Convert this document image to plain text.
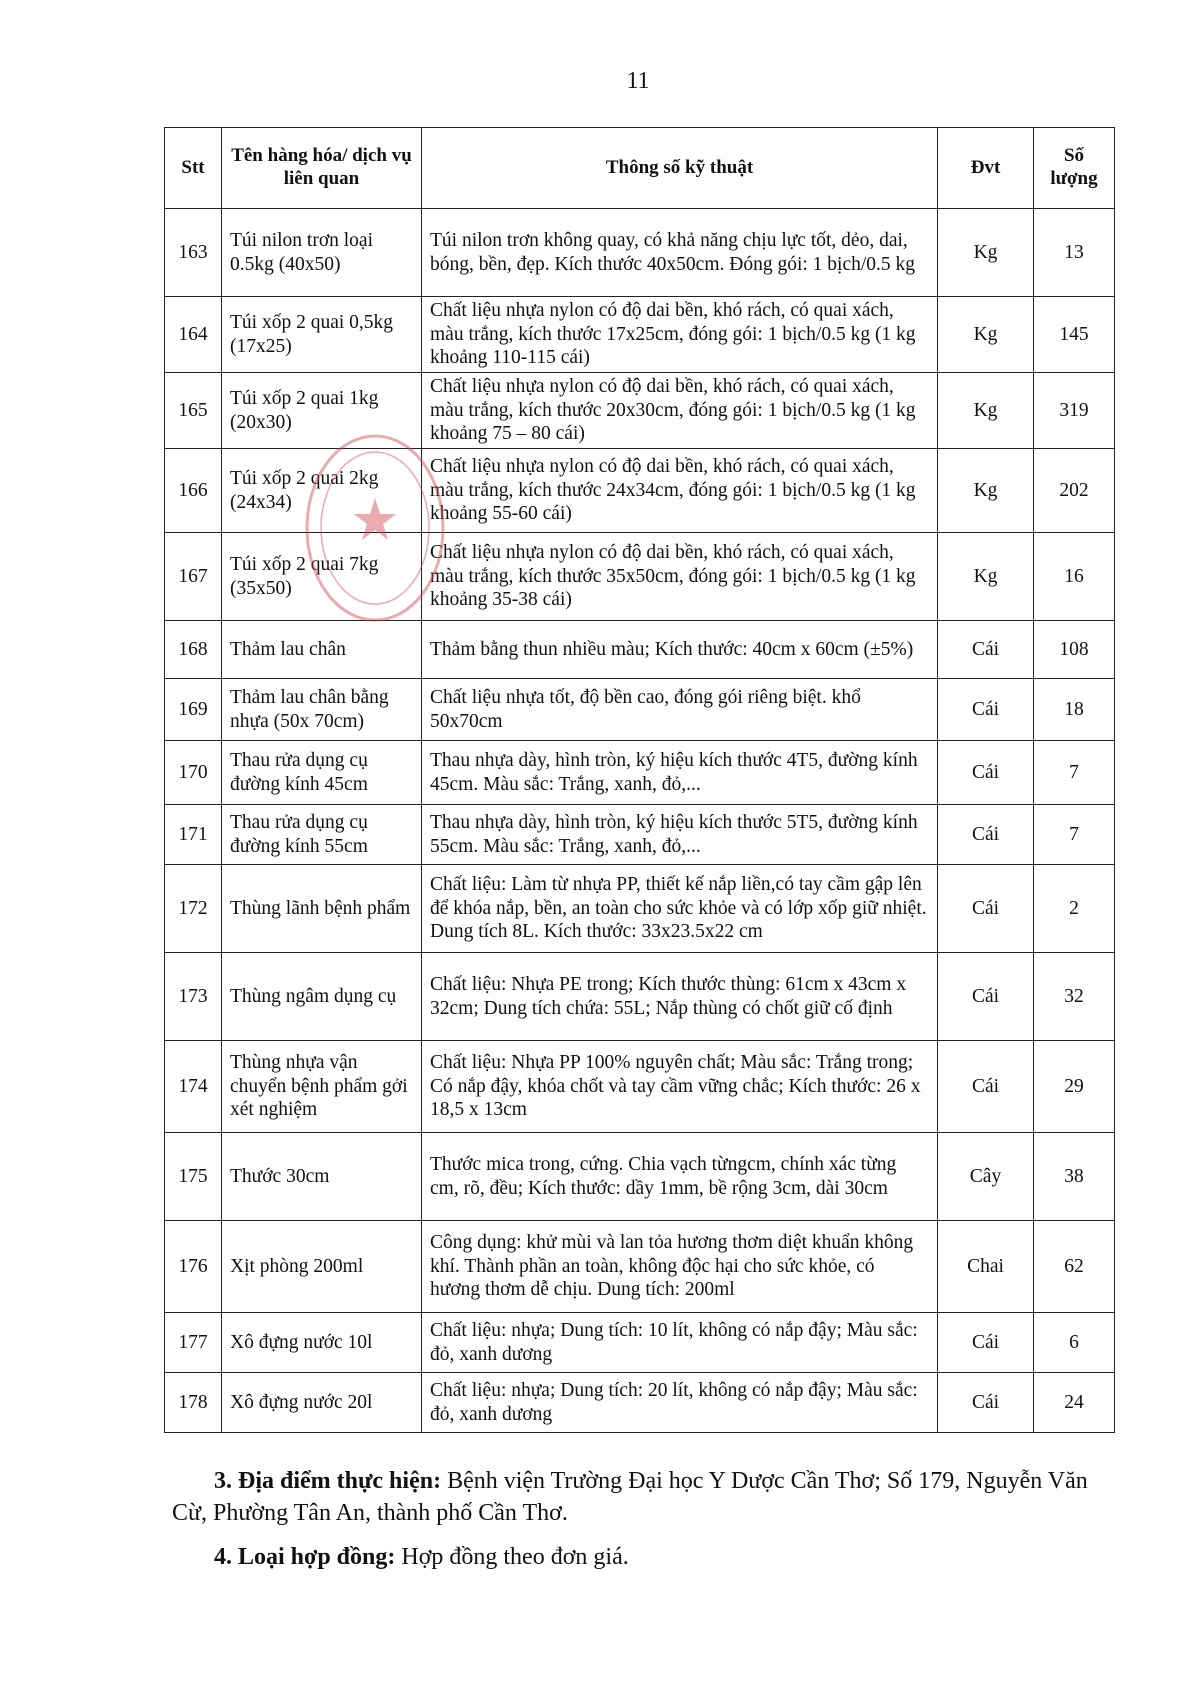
11
Stt	Tên hàng hóa/ dịch vụ liên quan	Thông số kỹ thuật	Đvt	Số lượng
163	Túi nilon trơn loại 0.5kg (40x50)	Túi nilon trơn không quay, có khả năng chịu lực tốt, dẻo, dai, bóng, bền, đẹp. Kích thước 40x50cm. Đóng gói: 1 bịch/0.5 kg	Kg	13
164	Túi xốp 2 quai 0,5kg (17x25)	Chất liệu nhựa nylon có độ dai bền, khó rách, có quai xách, màu trắng, kích thước 17x25cm, đóng gói: 1 bịch/0.5 kg (1 kg khoảng 110-115 cái)	Kg	145
165	Túi xốp 2 quai 1kg (20x30)	Chất liệu nhựa nylon có độ dai bền, khó rách, có quai xách, màu trắng, kích thước 20x30cm, đóng gói: 1 bịch/0.5 kg (1 kg khoảng 75 – 80 cái)	Kg	319
166	Túi xốp 2 quai 2kg (24x34)	Chất liệu nhựa nylon có độ dai bền, khó rách, có quai xách, màu trắng, kích thước 24x34cm, đóng gói: 1 bịch/0.5 kg (1 kg khoảng 55-60 cái)	Kg	202
167	Túi xốp 2 quai 7kg (35x50)	Chất liệu nhựa nylon có độ dai bền, khó rách, có quai xách, màu trắng, kích thước 35x50cm, đóng gói: 1 bịch/0.5 kg (1 kg khoảng 35-38 cái)	Kg	16
168	Thảm lau chân	Thảm bằng thun nhiều màu; Kích thước: 40cm x 60cm (±5%)	Cái	108
169	Thảm lau chân bằng nhựa (50x 70cm)	Chất liệu nhựa tốt, độ bền cao, đóng gói riêng biệt. khổ 50x70cm	Cái	18
170	Thau rửa dụng cụ đường kính 45cm	Thau nhựa dày, hình tròn, ký hiệu kích thước 4T5, đường kính 45cm. Màu sắc: Trắng, xanh, đỏ,...	Cái	7
171	Thau rửa dụng cụ đường kính 55cm	Thau nhựa dày, hình tròn, ký hiệu kích thước 5T5, đường kính 55cm. Màu sắc: Trắng, xanh, đỏ,...	Cái	7
172	Thùng lãnh bệnh phẩm	Chất liệu: Làm từ nhựa PP, thiết kế nắp liền,có tay cầm gập lên để khóa nắp, bền, an toàn cho sức khỏe và có lớp xốp giữ nhiệt. Dung tích 8L. Kích thước: 33x23.5x22 cm	Cái	2
173	Thùng ngâm dụng cụ	Chất liệu: Nhựa PE trong; Kích thước thùng: 61cm x 43cm x 32cm; Dung tích chứa: 55L; Nắp thùng có chốt giữ cố định	Cái	32
174	Thùng nhựa vận chuyển bệnh phẩm gởi xét nghiệm	Chất liệu: Nhựa PP 100% nguyên chất; Màu sắc: Trắng trong; Có nắp đậy, khóa chốt và tay cầm vững chắc; Kích thước: 26 x 18,5 x 13cm	Cái	29
175	Thước 30cm	Thước mica trong, cứng. Chia vạch từngcm, chính xác từng cm, rõ, đều; Kích thước: dầy 1mm, bề rộng 3cm, dài 30cm	Cây	38
176	Xịt phòng 200ml	Công dụng: khử mùi và lan tỏa hương thơm diệt khuẩn không khí. Thành phần an toàn, không độc hại cho sức khỏe, có hương thơm dễ chịu. Dung tích: 200ml	Chai	62
177	Xô đựng nước 10l	Chất liệu: nhựa; Dung tích: 10 lít, không có nắp đậy; Màu sắc: đỏ, xanh dương	Cái	6
178	Xô đựng nước 20l	Chất liệu: nhựa; Dung tích: 20 lít, không có nắp đậy; Màu sắc: đỏ, xanh dương	Cái	24
3. Địa điểm thực hiện: Bệnh viện Trường Đại học Y Dược Cần Thơ; Số 179, Nguyễn Văn Cừ, Phường Tân An, thành phố Cần Thơ.
4. Loại hợp đồng: Hợp đồng theo đơn giá.
